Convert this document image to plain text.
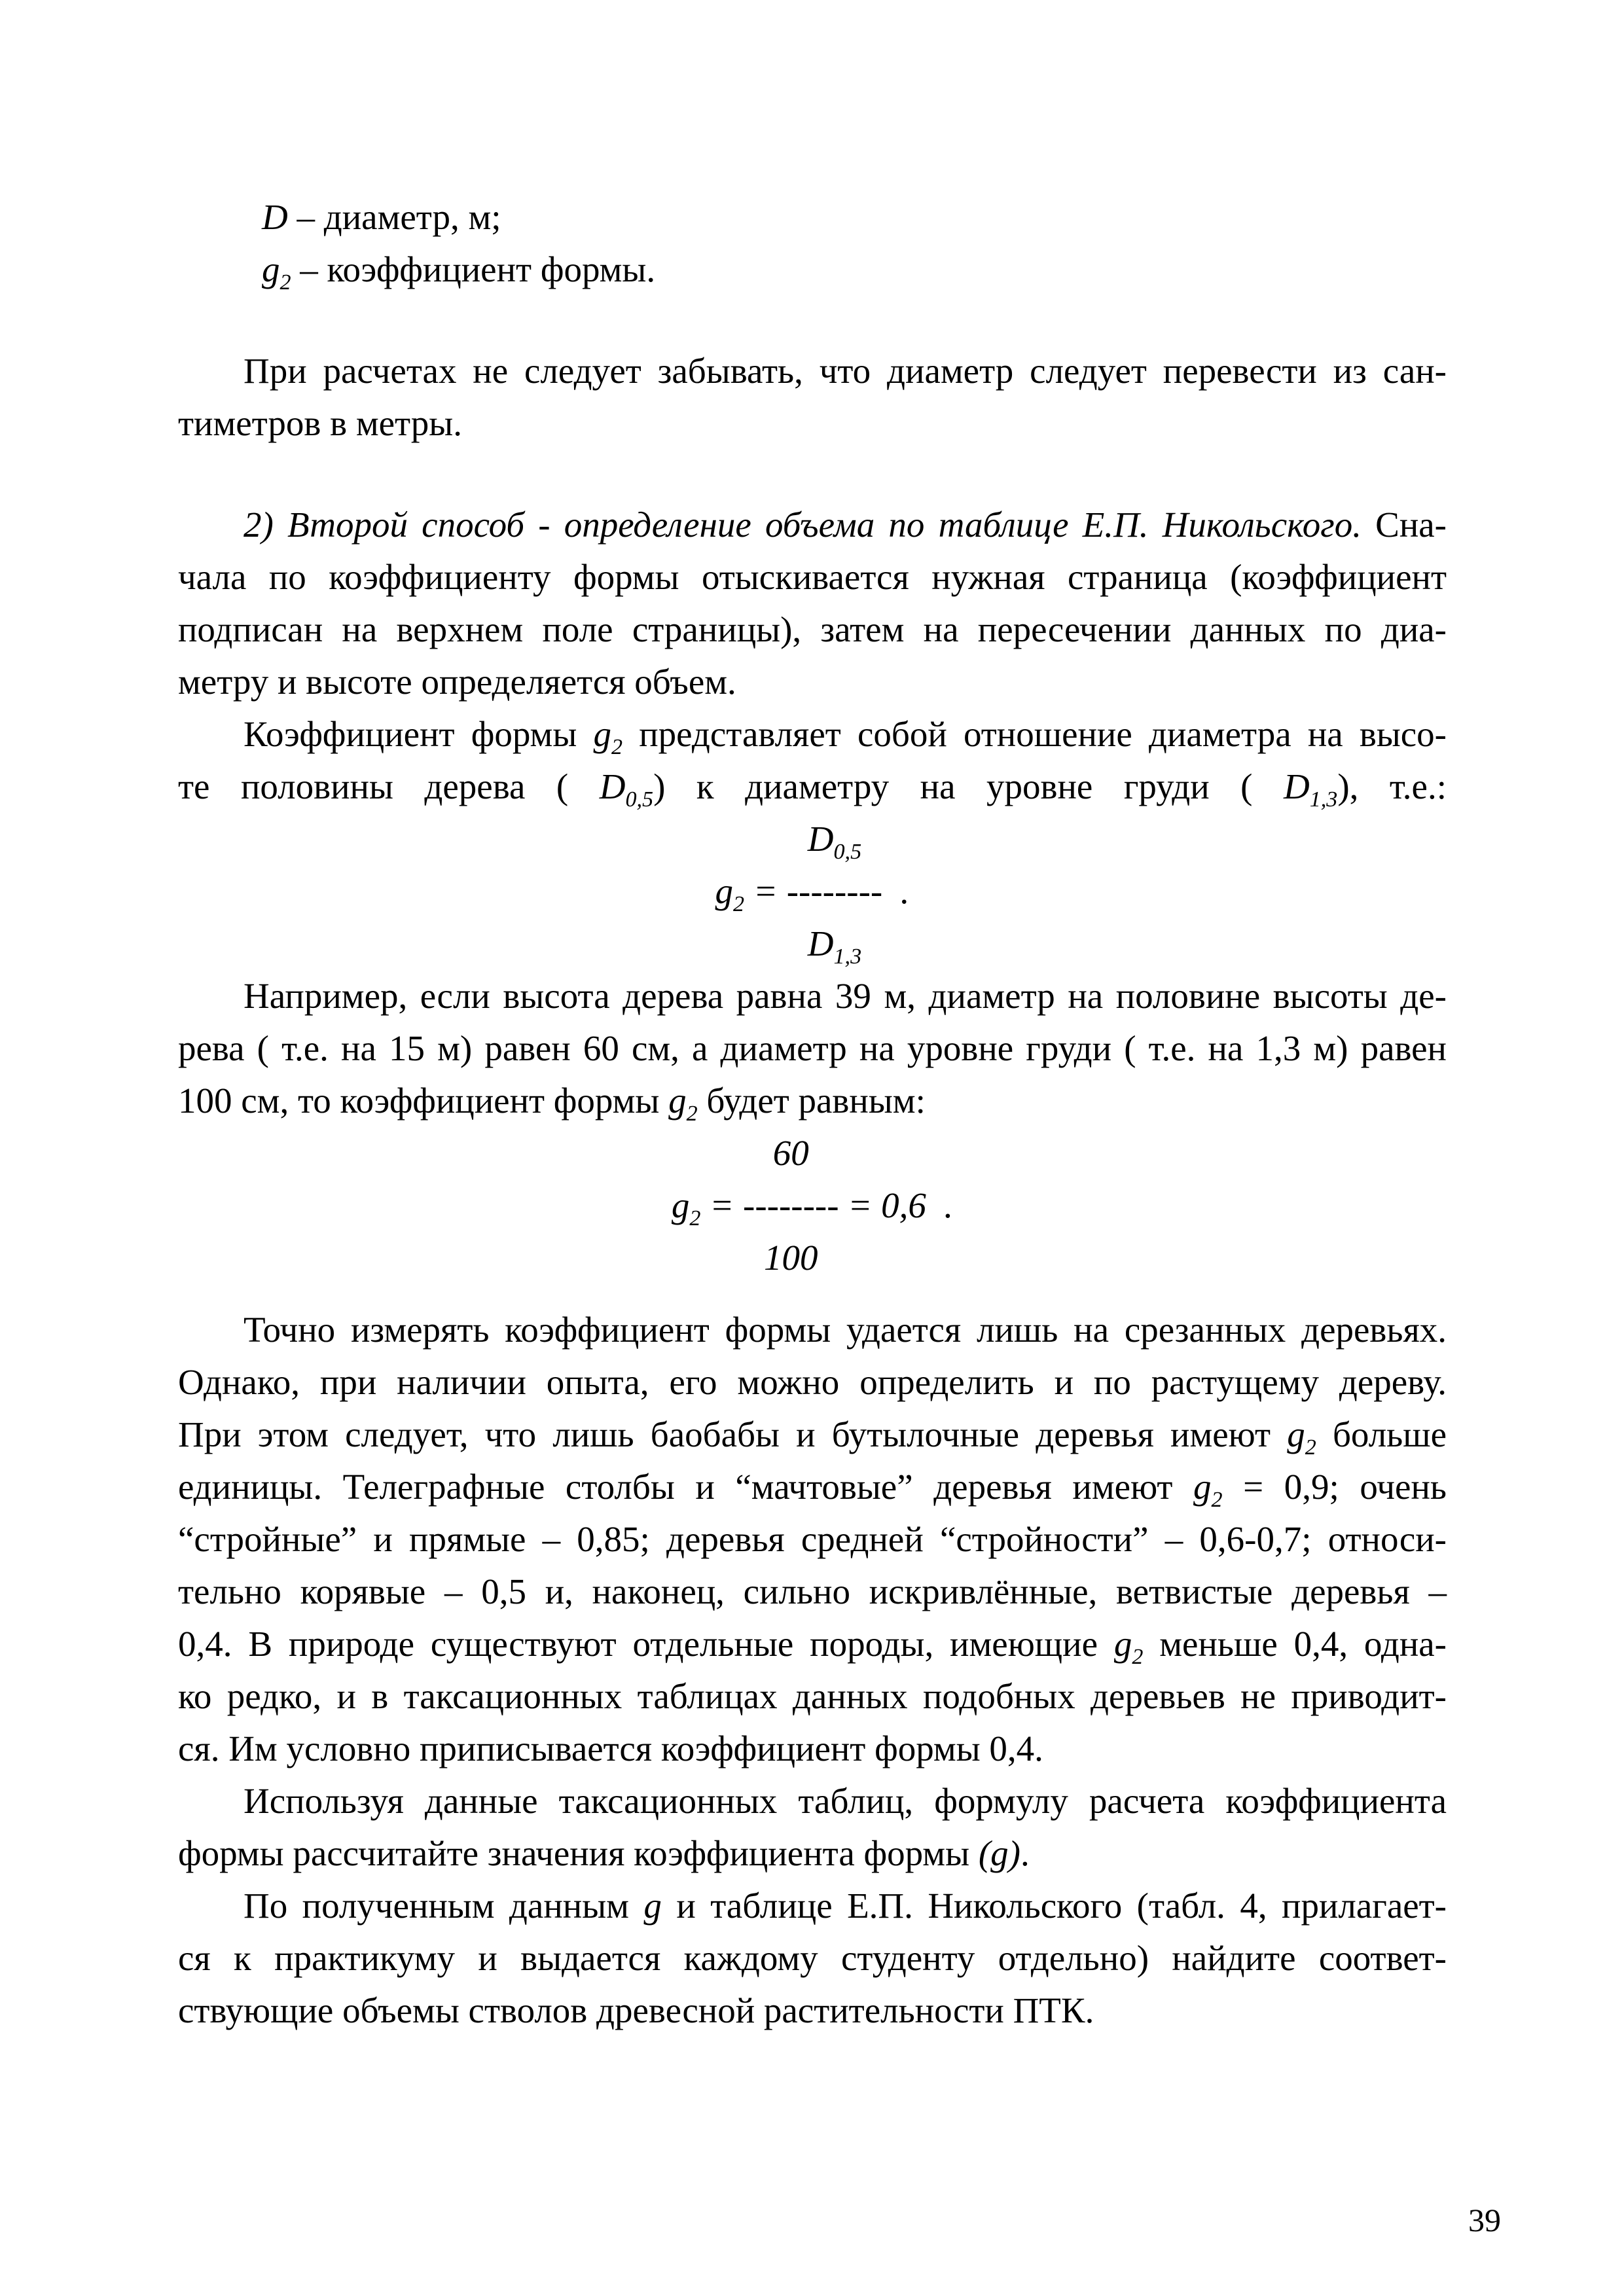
D – диаметр, м;
$g_2$ – коэффициент формы.
При расчетах не следует забывать, что диаметр следует перевести из сан-
тиметров в метры.
2) Второй способ - определение объема по таблице Е.П. Никольского. Сна-
чала по коэффициенту формы отыскивается нужная страница (коэффициент
подписан на верхнем поле страницы), затем на пересечении данных по диа-
метру и высоте определяется объем.
Коэффициент формы $g_2$ представляет собой отношение диаметра на высо-
те половины дерева ( $D_{0,5}$) к диаметру на уровне груди ( $D_{1,3}$), т.е.:
$g_2$ =
$D_{0,5}$
--------
$D_{1,3}$
.
Например, если высота дерева равна 39 м, диаметр на половине высоты де-
рева ( т.е. на 15 м) равен 60 см, а диаметр на уровне груди ( т.е. на 1,3 м) равен
100 см, то коэффициент формы $g_2$ будет равным:
$g_2$ =
60
--------
100
= 0,6  .
Точно измерять коэффициент формы удается лишь на срезанных деревьях.
Однако, при наличии опыта, его можно определить и по растущему дереву.
При этом следует, что лишь баобабы и бутылочные деревья имеют $g_2$ больше
единицы. Телеграфные столбы и “мачтовые” деревья имеют $g_2 = 0,9$; очень
“стройные” и прямые – 0,85; деревья средней “стройности” – 0,6-0,7; относи-
тельно корявые – 0,5 и, наконец, сильно искривлённые, ветвистые деревья –
0,4. В природе существуют отдельные породы, имеющие $g_2$ меньше 0,4, одна-
ко редко, и в таксационных таблицах данных подобных деревьев не приводит-
ся. Им условно приписывается коэффициент формы 0,4.
Используя данные таксационных таблиц, формулу расчета коэффициента
формы рассчитайте значения коэффициента формы (g).
По полученным данным g и таблице Е.П. Никольского (табл. 4, прилагает-
ся к практикуму и выдается каждому студенту отдельно) найдите соответ-
ствующие объемы стволов древесной растительности ПТК.
39
